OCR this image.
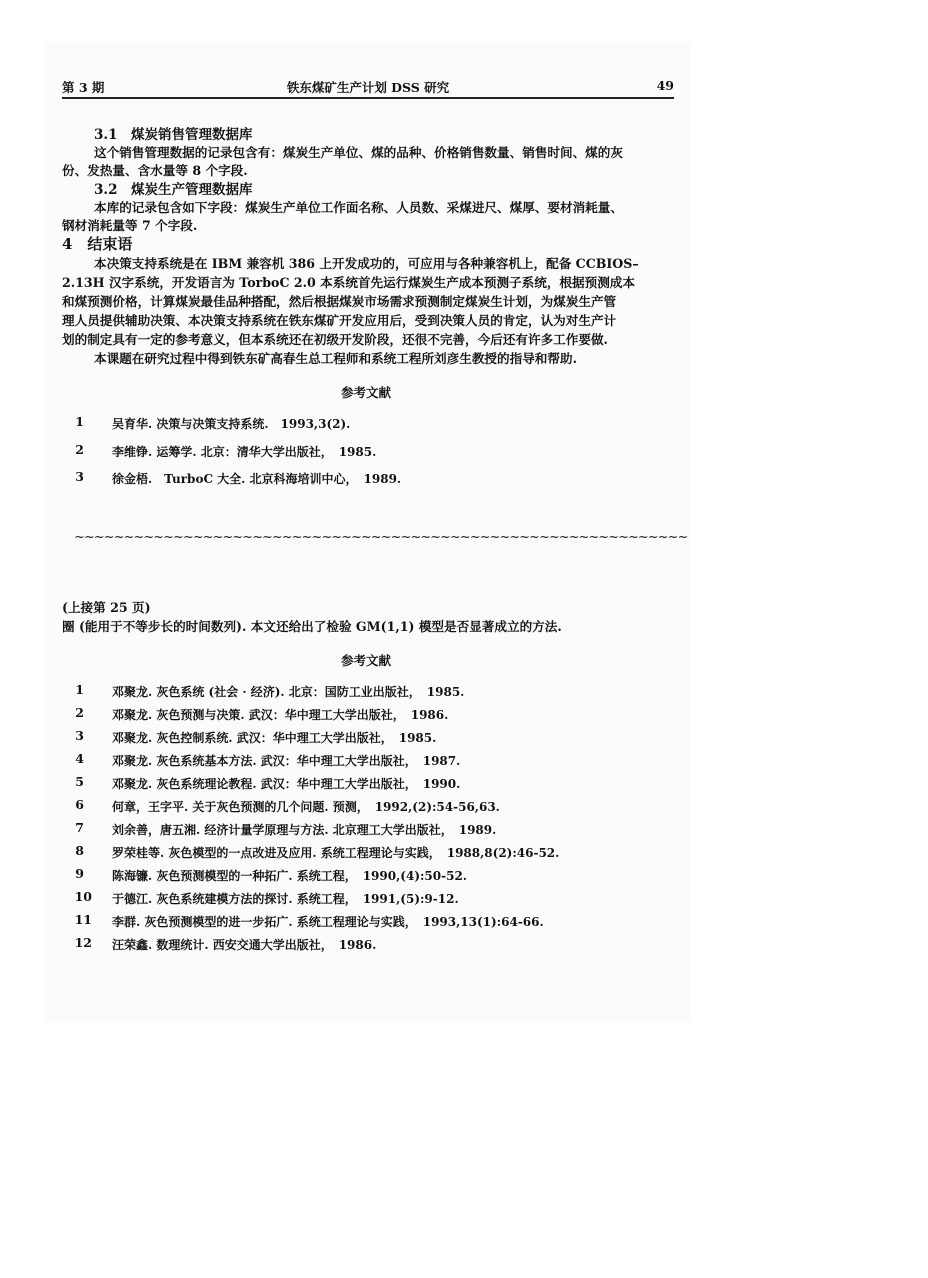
第 3 期	铁东煤矿生产计划 DSS 研究	49
3.1　煤炭销售管理数据库
这个销售管理数据的记录包含有：煤炭生产单位、煤的品种、价格销售数量、销售时间、煤的灰
份、发热量、含水量等 8 个字段.
3.2　煤炭生产管理数据库
本库的记录包含如下字段：煤炭生产单位工作面名称、人员数、采煤进尺、煤厚、要材消耗量、
钢材消耗量等 7 个字段.
4　结束语
本决策支持系统是在 IBM 兼容机 386 上开发成功的，可应用与各种兼容机上，配备 CCBIOS–
2.13H 汉字系统，开发语言为 TorboC 2.0 本系统首先运行煤炭生产成本预测子系统，根据预测成本
和煤预测价格，计算煤炭最佳品种搭配，然后根据煤炭市场需求预测制定煤炭生计划，为煤炭生产管
理人员提供辅助决策、本决策支持系统在铁东煤矿开发应用后，受到决策人员的肯定，认为对生产计
划的制定具有一定的参考意义，但本系统还在初级开发阶段，还很不完善，今后还有许多工作要做.
本课题在研究过程中得到铁东矿高春生总工程师和系统工程所刘彦生教授的指导和帮助.
参考文献
1 吴育华. 决策与决策支持系统.　1993,3(2).
2 李维铮. 运筹学. 北京：清华大学出版社，　1985.
3 徐金梧.　TurboC 大全. 北京科海培训中心，　1989.
~~~~~~~~~~~~~~~~~~~~~~~~~~~~~~~~~~~~~~~~~~~~~~~~~~~~~~~~~~~~~~
(上接第 25 页)
圈 (能用于不等步长的时间数列). 本文还给出了检验 GM(1,1) 模型是否显著成立的方法.
参考文献
1 邓聚龙. 灰色系统 (社会 · 经济). 北京：国防工业出版社，　1985.
2 邓聚龙. 灰色预测与决策. 武汉：华中理工大学出版社，　1986.
3 邓聚龙. 灰色控制系统. 武汉：华中理工大学出版社，　1985.
4 邓聚龙. 灰色系统基本方法. 武汉：华中理工大学出版社，　1987.
5 邓聚龙. 灰色系统理论教程. 武汉：华中理工大学出版社，　1990.
6 何章，王字平. 关于灰色预测的几个问题. 预测，　1992,(2):54-56,63.
7 刘余善，唐五湘. 经济计量学原理与方法. 北京理工大学出版社，　1989.
8 罗荣桂等. 灰色模型的一点改进及应用. 系统工程理论与实践，　1988,8(2):46-52.
9 陈海镰. 灰色预测模型的一种拓广. 系统工程，　1990,(4):50-52.
10 于德江. 灰色系统建模方法的探讨. 系统工程，　1991,(5):9-12.
11 李群. 灰色预测模型的进一步拓广. 系统工程理论与实践，　1993,13(1):64-66.
12 汪荣鑫. 数理统计. 西安交通大学出版社，　1986.
